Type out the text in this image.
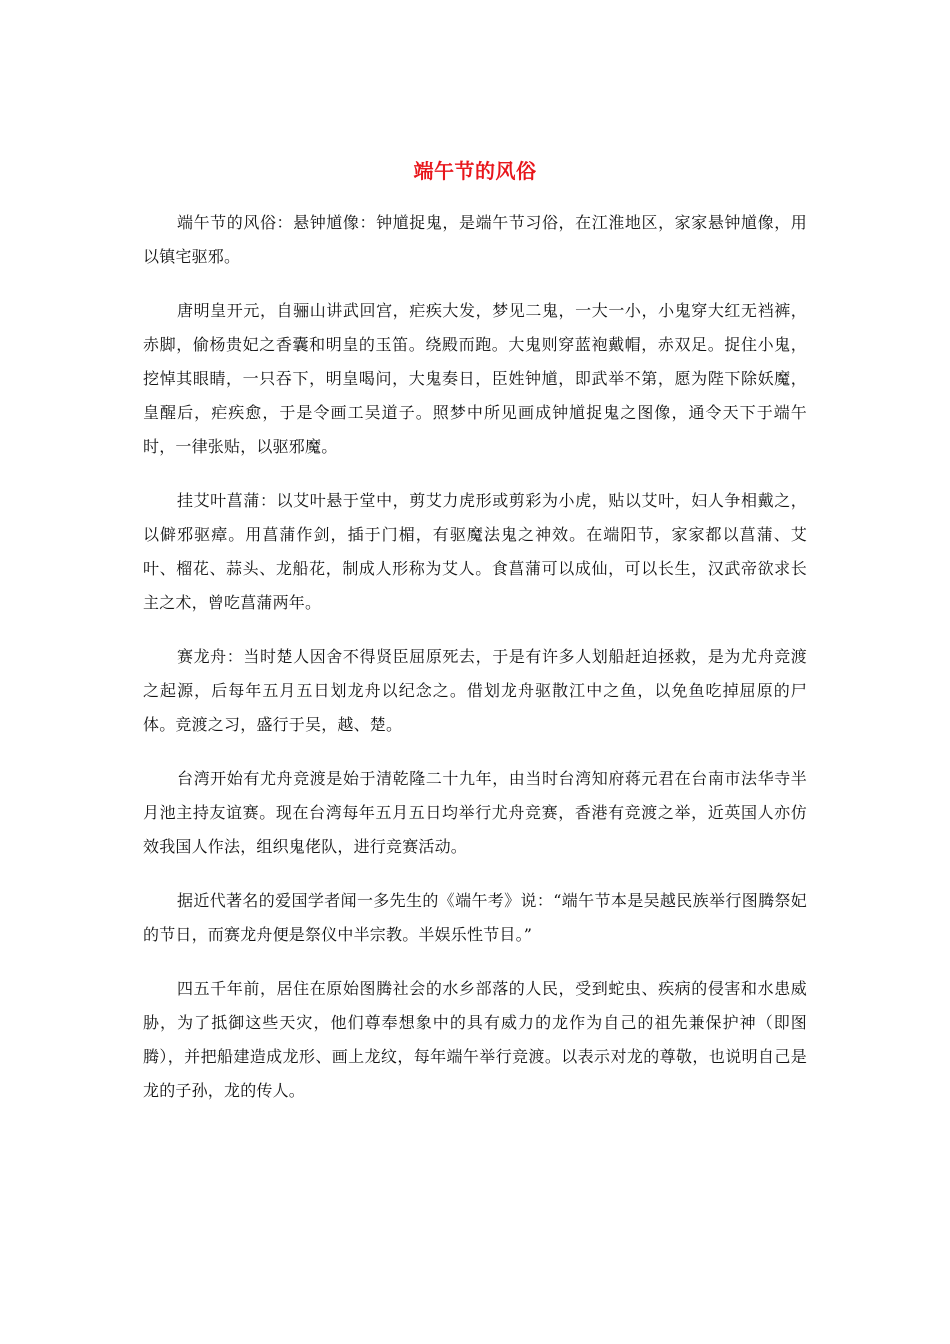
端午节的风俗

端午节的风俗：悬钟馗像：钟馗捉鬼，是端午节习俗，在江淮地区，家家悬钟馗像，用以镇宅驱邪。

唐明皇开元，自骊山讲武回宫，疟疾大发，梦见二鬼，一大一小，小鬼穿大红无裆裤，赤脚，偷杨贵妃之香囊和明皇的玉笛。绕殿而跑。大鬼则穿蓝袍戴帽，赤双足。捉住小鬼，挖悼其眼睛，一只吞下，明皇喝问，大鬼奏日，臣姓钟馗，即武举不第，愿为陛下除妖魔，皇醒后，疟疾愈，于是令画工吴道子。照梦中所见画成钟馗捉鬼之图像，通令天下于端午时，一律张贴，以驱邪魔。

挂艾叶菖蒲：以艾叶悬于堂中，剪艾力虎形或剪彩为小虎，贴以艾叶，妇人争相戴之，以僻邪驱瘴。用菖蒲作剑，插于门楣，有驱魔法鬼之神效。在端阳节，家家都以菖蒲、艾叶、榴花、蒜头、龙船花，制成人形称为艾人。食菖蒲可以成仙，可以长生，汉武帝欲求长主之术，曾吃菖蒲两年。

赛龙舟：当时楚人因舍不得贤臣屈原死去，于是有许多人划船赶迫拯救，是为尤舟竞渡之起源，后每年五月五日划龙舟以纪念之。借划龙舟驱散江中之鱼，以免鱼吃掉屈原的尸体。竞渡之习，盛行于吴，越、楚。

台湾开始有尤舟竞渡是始于清乾隆二十九年，由当时台湾知府蒋元君在台南市法华寺半月池主持友谊赛。现在台湾每年五月五日均举行尤舟竞赛，香港有竞渡之举，近英国人亦仿效我国人作法，组织鬼佬队，进行竞赛活动。

据近代著名的爱国学者闻一多先生的《端午考》说：“端午节本是吴越民族举行图腾祭妃的节日，而赛龙舟便是祭仪中半宗教。半娱乐性节目。”

四五千年前，居住在原始图腾社会的水乡部落的人民，受到蛇虫、疾病的侵害和水患威胁，为了抵御这些天灾，他们尊奉想象中的具有威力的龙作为自己的祖先兼保护神（即图腾），并把船建造成龙形、画上龙纹，每年端午举行竞渡。以表示对龙的尊敬，也说明自己是龙的子孙，龙的传人。
